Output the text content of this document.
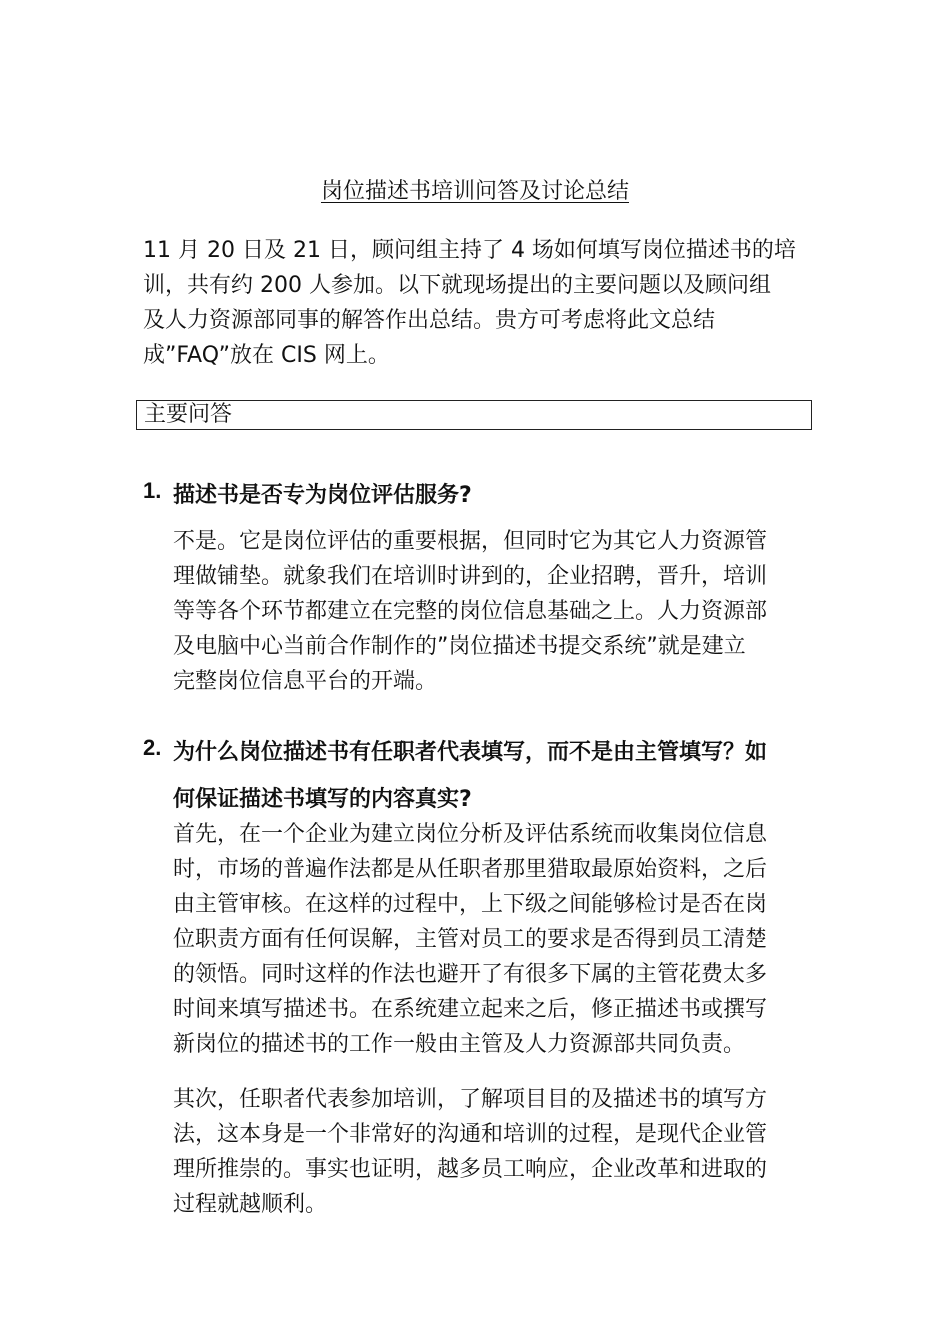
岗位描述书培训问答及讨论总结
11 月 20 日及 21 日，顾问组主持了 4 场如何填写岗位描述书的培
训，共有约 200 人参加。以下就现场提出的主要问题以及顾问组
及人力资源部同事的解答作出总结。贵方可考虑将此文总结
成”FAQ”放在 CIS 网上。
主要问答
1. 描述书是否专为岗位评估服务?
不是。它是岗位评估的重要根据，但同时它为其它人力资源管
理做铺垫。就象我们在培训时讲到的，企业招聘，晋升，培训
等等各个环节都建立在完整的岗位信息基础之上。人力资源部
及电脑中心当前合作制作的”岗位描述书提交系统”就是建立
完整岗位信息平台的开端。
2. 为什么岗位描述书有任职者代表填写，而不是由主管填写？如
何保证描述书填写的内容真实?
首先，在一个企业为建立岗位分析及评估系统而收集岗位信息
时，市场的普遍作法都是从任职者那里猎取最原始资料，之后
由主管审核。在这样的过程中，上下级之间能够检讨是否在岗
位职责方面有任何误解，主管对员工的要求是否得到员工清楚
的领悟。同时这样的作法也避开了有很多下属的主管花费太多
时间来填写描述书。在系统建立起来之后，修正描述书或撰写
新岗位的描述书的工作一般由主管及人力资源部共同负责。
其次，任职者代表参加培训，了解项目目的及描述书的填写方
法，这本身是一个非常好的沟通和培训的过程，是现代企业管
理所推崇的。事实也证明，越多员工响应，企业改革和进取的
过程就越顺利。
